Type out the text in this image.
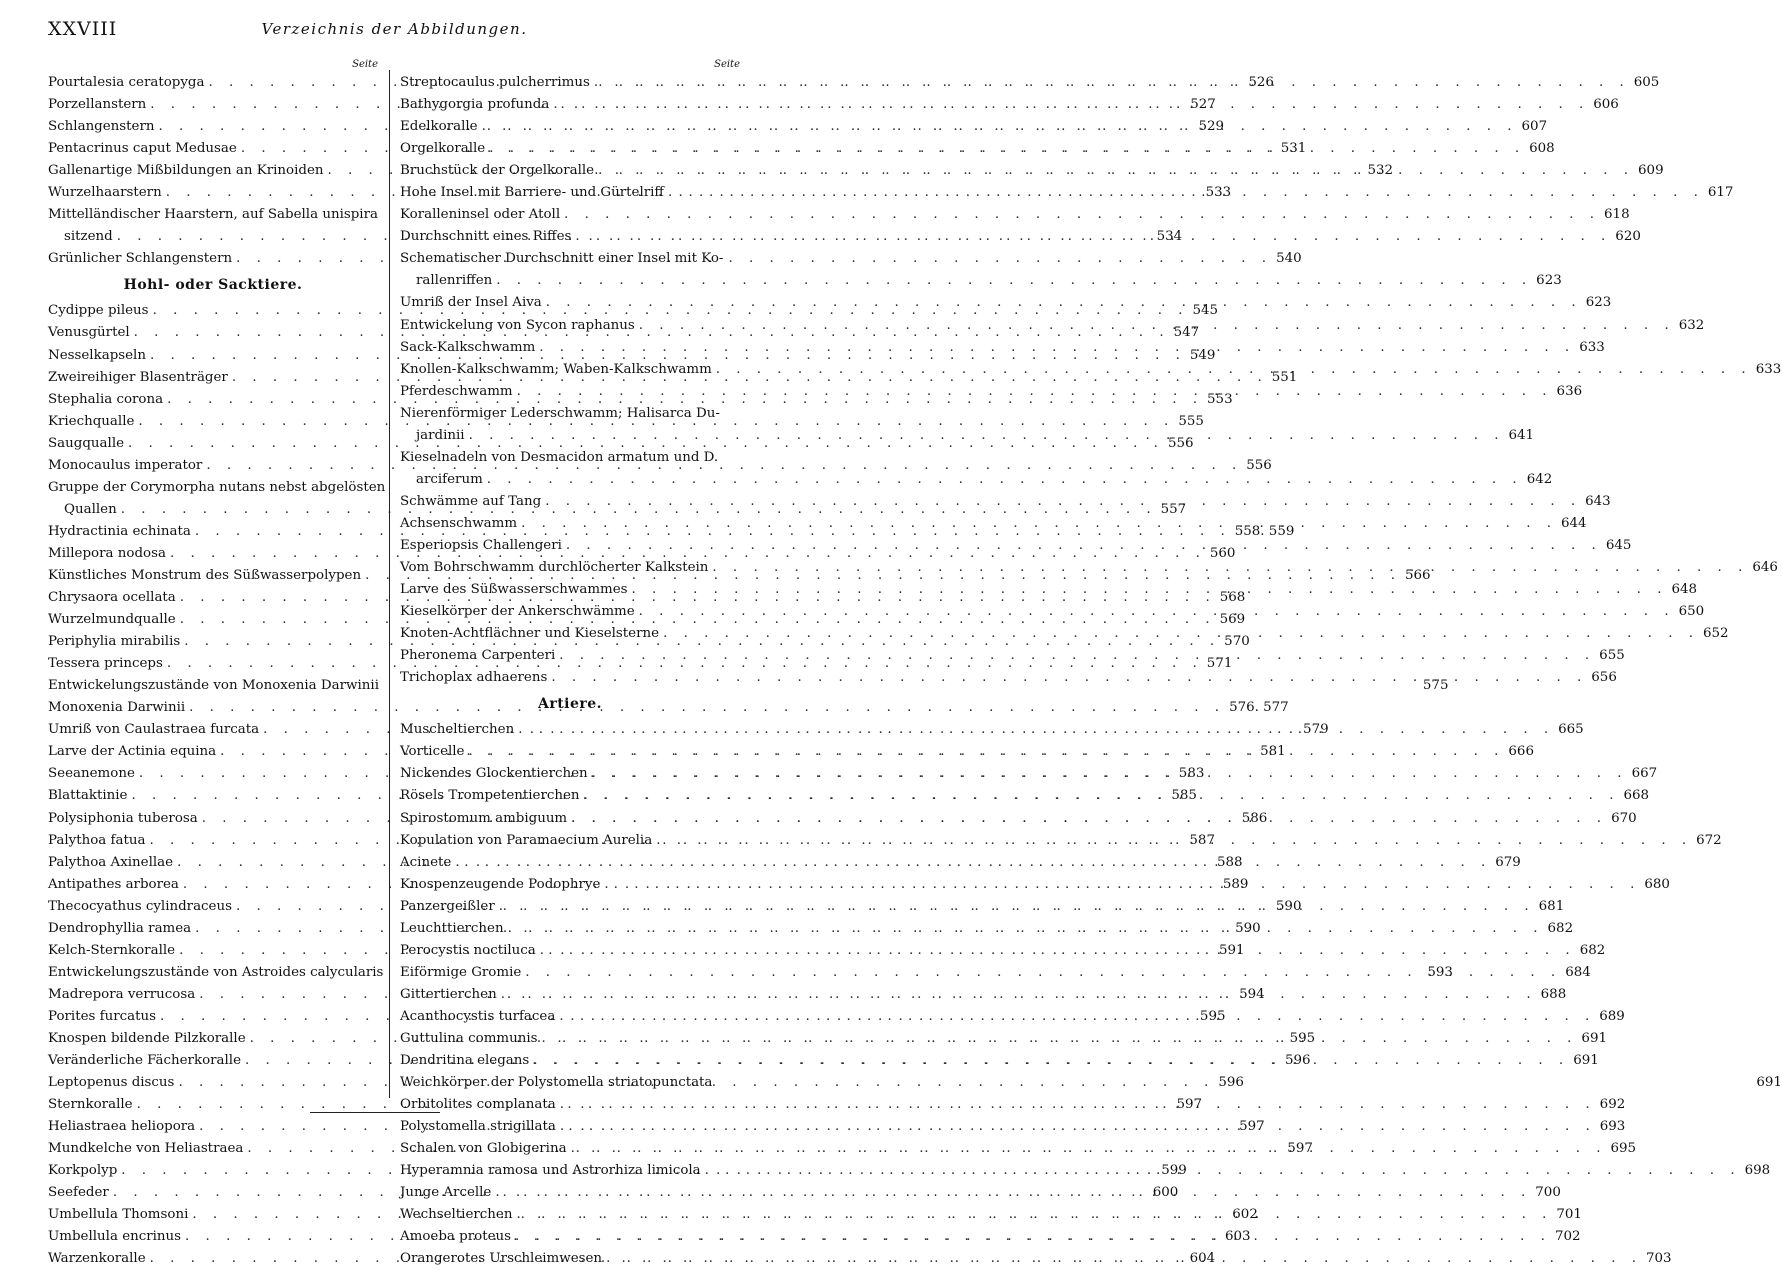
XXVIII	Verzeichnis der Abbildungen.
Seite
Pourtalesia ceratopyga . . .	526
Porzellanstern . . .	527
Schlangenstern . . .	529
Pentacrinus caput Medusae . . .	531
Gallenartige Mißbildungen an Krinoiden . . .	532
Wurzelhaarstern . . .	533
Mittelländischer Haarstern, auf Sabella unispira
sitzend . . .	534
Grünlicher Schlangenstern . . .	540
Hohl- oder Sacktiere.
Cydippe pileus . . .	545
Venusgürtel . . .	547
Nesselkapseln . . .	549
Zweireihiger Blasenträger . . .	551
Stephalia corona . . .	553
Kriechqualle . . .	555
Saugqualle . . .	556
Monocaulus imperator . . .	556
Gruppe der Corymorpha nutans nebst abgelösten
Quallen . . .	557
Hydractinia echinata . . .	558. 559
Millepora nodosa . . .	560
Künstliches Monstrum des Süßwasserpolypen . . .	566
Chrysaora ocellata . . .	568
Wurzelmundqualle . . .	569
Periphylia mirabilis . . .	570
Tessera princeps . . .	571
Entwickelungszustände von Monoxenia Darwinii	575
Monoxenia Darwinii . . .	576. 577
Umriß von Caulastraea furcata . . .	579
Larve der Actinia equina . . .	581
Seeanemone . . .	583
Blattaktinie . . .	585
Polysiphonia tuberosa . . .	586
Palythoa fatua . . .	587
Palythoa Axinellae . . .	588
Antipathes arborea . . .	589
Thecocyathus cylindraceus . . .	590
Dendrophyllia ramea . . .	590
Kelch-Sternkoralle . . .	591
Entwickelungszustände von Astroides calycularis	593
Madrepora verrucosa . . .	594
Porites furcatus . . .	595
Knospen bildende Pilzkoralle . . .	595
Veränderliche Fächerkoralle . . .	596
Leptopenus discus . . .	596
Sternkoralle . . .	597
Heliastraea heliopora . . .	597
Mundkelche von Heliastraea . . .	597
Korkpolyp . . .	599
Seefeder . . .	600
Umbellula Thomsoni . . .	602
Umbellula encrinus . . .	603
Warzenkoralle . . .	604
Seite
Streptocaulus pulcherrimus . . .	605
Bathygorgia profunda . . .	606
Edelkoralle . . .	607
Orgelkoralle . . .	608
Bruchstück der Orgelkoralle . . .	609
Hohe Insel mit Barriere- und Gürtelriff . . .	617
Koralleninsel oder Atoll . . .	618
Durchschnitt eines Riffes . . .	620
Schematischer Durchschnitt einer Insel mit Ko-
rallenriffen . . .	623
Umriß der Insel Aiva . . .	623
Entwickelung von Sycon raphanus . . .	632
Sack-Kalkschwamm . . .	633
Knollen-Kalkschwamm; Waben-Kalkschwamm . . .	633
Pferdeschwamm . . .	636
Nierenförmiger Lederschwamm; Halisarca Du-
jardinii . . .	641
Kieselnadeln von Desmacidon armatum und D.
arciferum . . .	642
Schwämme auf Tang . . .	643
Achsenschwamm . . .	644
Esperiopsis Challengeri . . .	645
Vom Bohrschwamm durchlöcherter Kalkstein . . .	646
Larve des Süßwasserschwammes . . .	648
Kieselkörper der Ankerschwämme . . .	650
Knoten-Achtflächner und Kieselsterne . . .	652
Pheronema Carpenteri . . .	655
Trichoplax adhaerens . . .	656
Artiere.
Muscheltierchen . . .	665
Vorticelle . . .	666
Nickendes Glockentierchen . . .	667
Rösels Trompetentierchen . . .	668
Spirostomum ambiguum . . .	670
Kopulation von Paramaecium Aurelia . . .	672
Acinete . . .	679
Knospenzeugende Podophrye . . .	680
Panzergeißler . . .	681
Leuchttierchen . . .	682
Perocystis noctiluca . . .	682
Eiförmige Gromie . . .	684
Gittertierchen . . .	688
Acanthocystis turfacea . . .	689
Guttulina communis . . .	691
Dendritina elegans . . .	691
Weichkörper der Polystomella striatopunctata	691
Orbitolites complanata . . .	692
Polystomella strigillata . . .	693
Schalen von Globigerina . . .	695
Hyperamnia ramosa und Astrorhiza limicola . . .	698
Junge Arcelle . . .	700
Wechseltierchen . . .	701
Amoeba proteus . . .	702
Orangerotes Urschleimwesen . . .	703
